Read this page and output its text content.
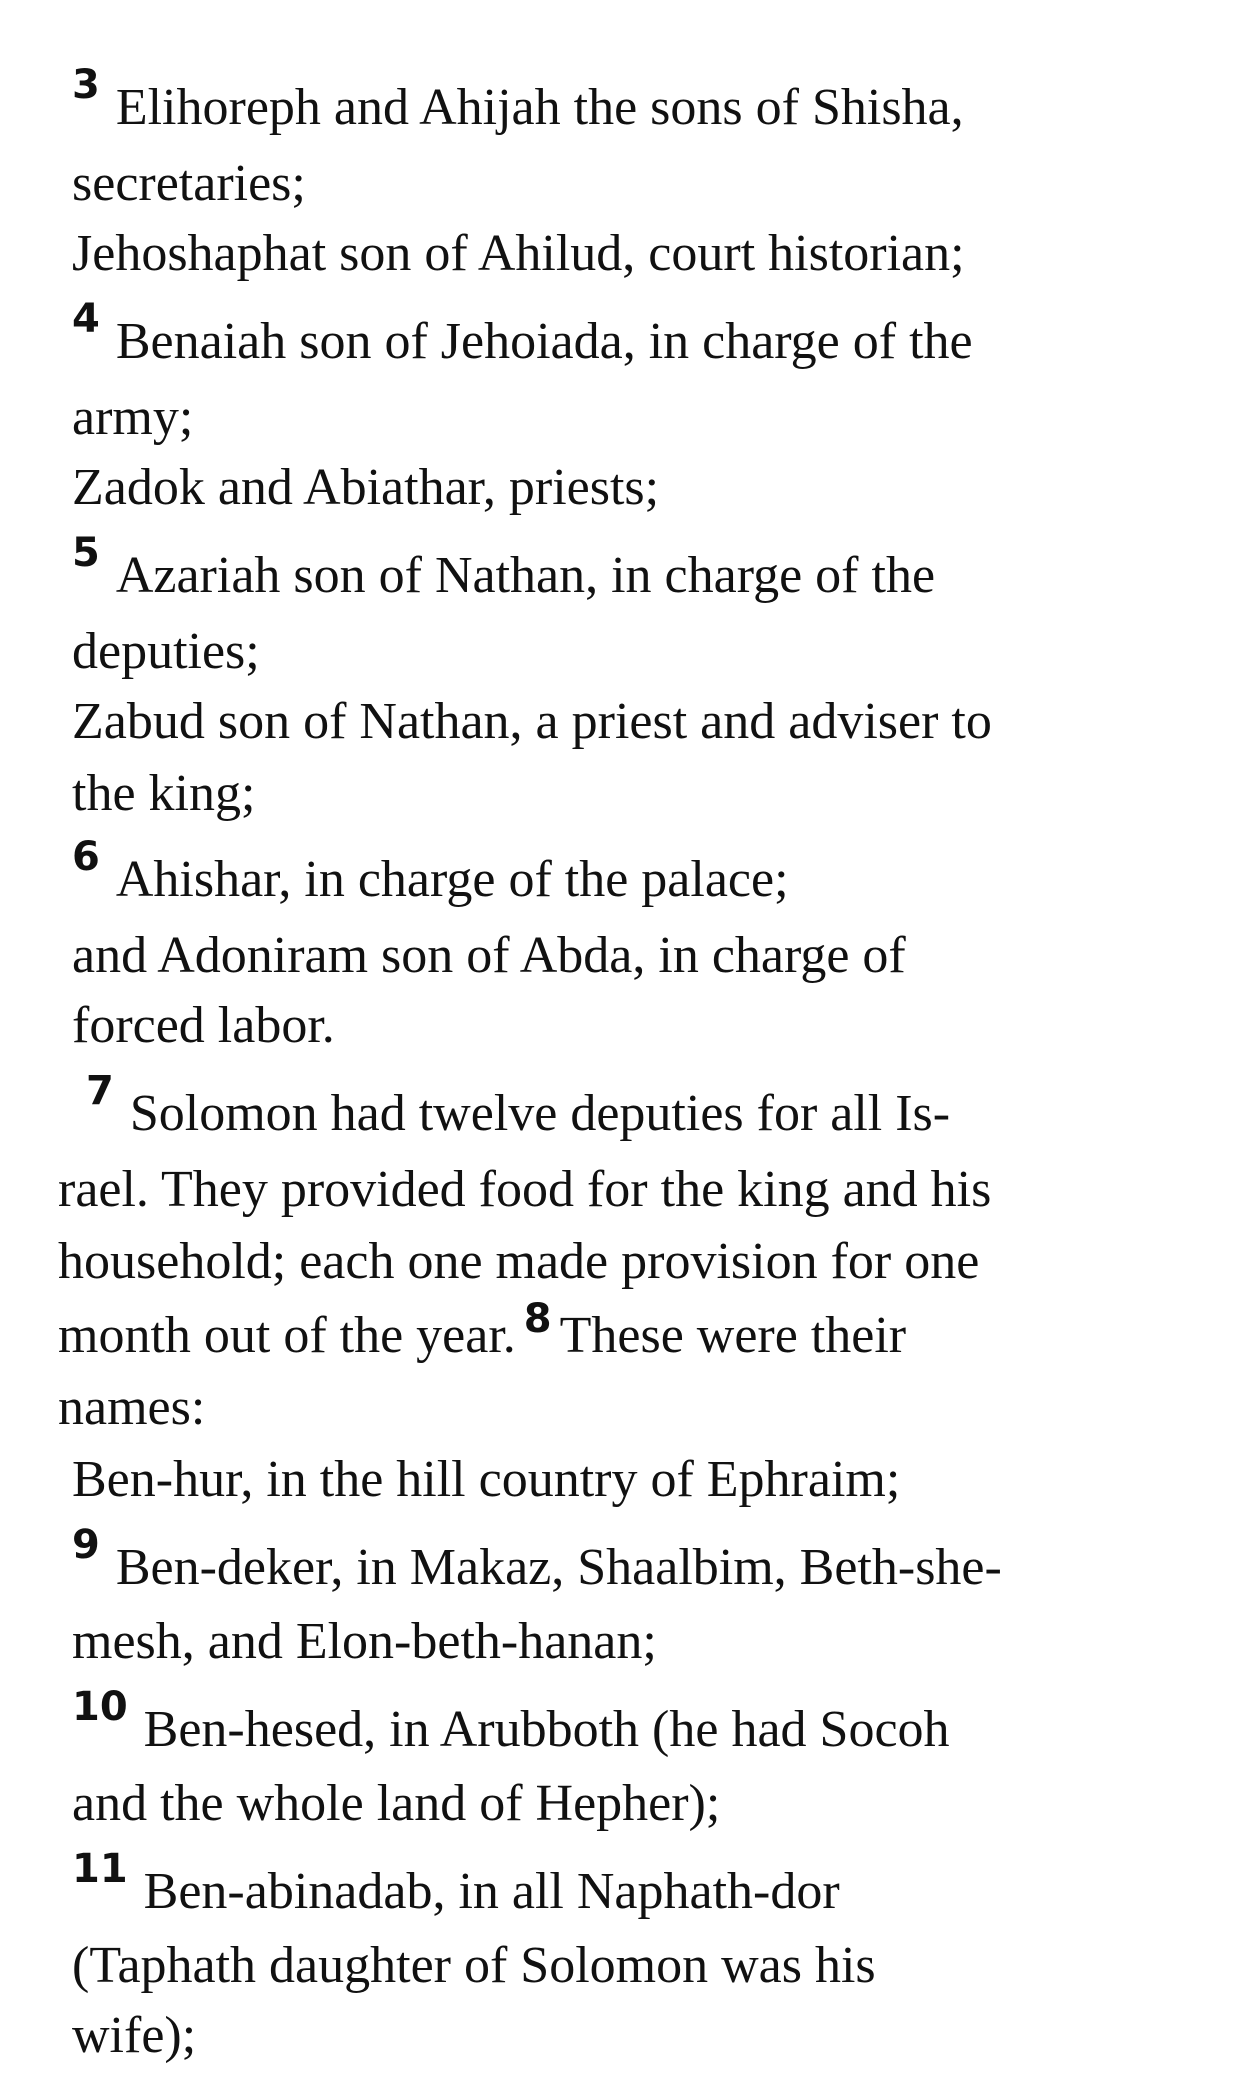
$^3$ Elihoreph and Ahijah the sons of Shisha,
secretaries;
Jehoshaphat son of Ahilud, court historian;
$^4$ Benaiah son of Jehoiada, in charge of the
army;
Zadok and Abiathar, priests;
$^5$ Azariah son of Nathan, in charge of the
deputies;
Zabud son of Nathan, a priest and adviser to
the king;
$^6$ Ahishar, in charge of the palace;
and Adoniram son of Abda, in charge of
forced labor.
$^7$ Solomon had twelve deputies for all Is-
rael. They provided food for the king and his
household; each one made provision for one
month out of the year. $^8$ These were their
names:
Ben-hur, in the hill country of Ephraim;
$^9$ Ben-deker, in Makaz, Shaalbim, Beth-she-
mesh, and Elon-beth-hanan;
$^{10}$ Ben-hesed, in Arubboth (he had Socoh
and the whole land of Hepher);
$^{11}$ Ben-abinadab, in all Naphath-dor
(Taphath daughter of Solomon was his
wife);
